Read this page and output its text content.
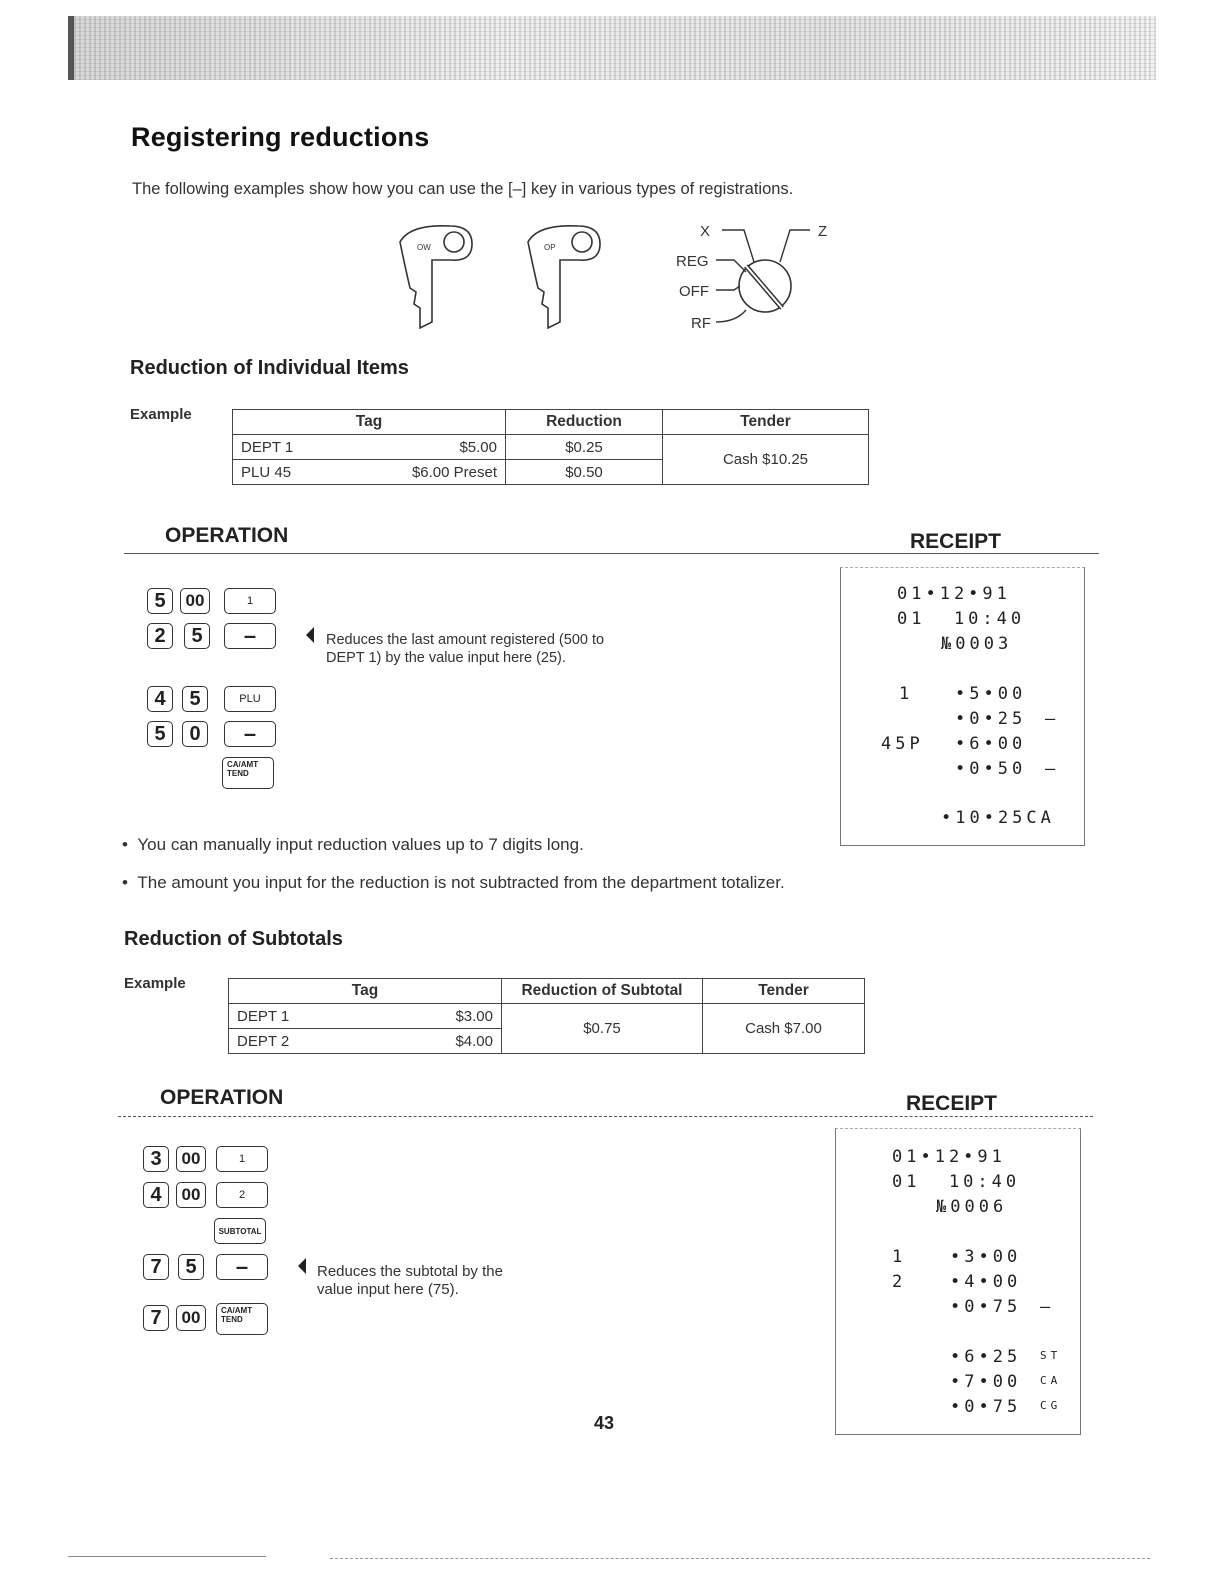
Registering reductions
The following examples show how you can use the [–] key in various types of registrations.
OW	OP
X	Z
REG
OFF
RF
Reduction of Individual Items
Example	Tag	Reduction	Tender
DEPT 1 $5.00	$0.25	Cash $10.25
PLU 45 $6.00 Preset	$0.50	
OPERATION	RECEIPT
5	00	1
2	5	–
4	5	PLU
5	0	–
CA/AMT TEND
Reduces the last amount registered (500 to DEPT 1) by the value input here (25).
01•12•91
01  10:40
№0003
1 •5•00
•0•25 –
45P •6•00
•0•50 –
•10•25CA
•  You can manually input reduction values up to 7 digits long.
•  The amount you input for the reduction is not subtracted from the department totalizer.
Reduction of Subtotals
Example	Tag	Reduction of Subtotal	Tender
DEPT 1 $3.00	$0.75	Cash $7.00
DEPT 2 $4.00		
OPERATION	RECEIPT
3	00	1
4	00	2
SUBTOTAL
7	5	–
7	00	CA/AMT TEND
Reduces the subtotal by the value input here (75).
01•12•91
01  10:40
№0006
1	•3•00
2	•4•00
•0•75 –
•6•25 ST
•7•00 CA
•0•75 CG
43
